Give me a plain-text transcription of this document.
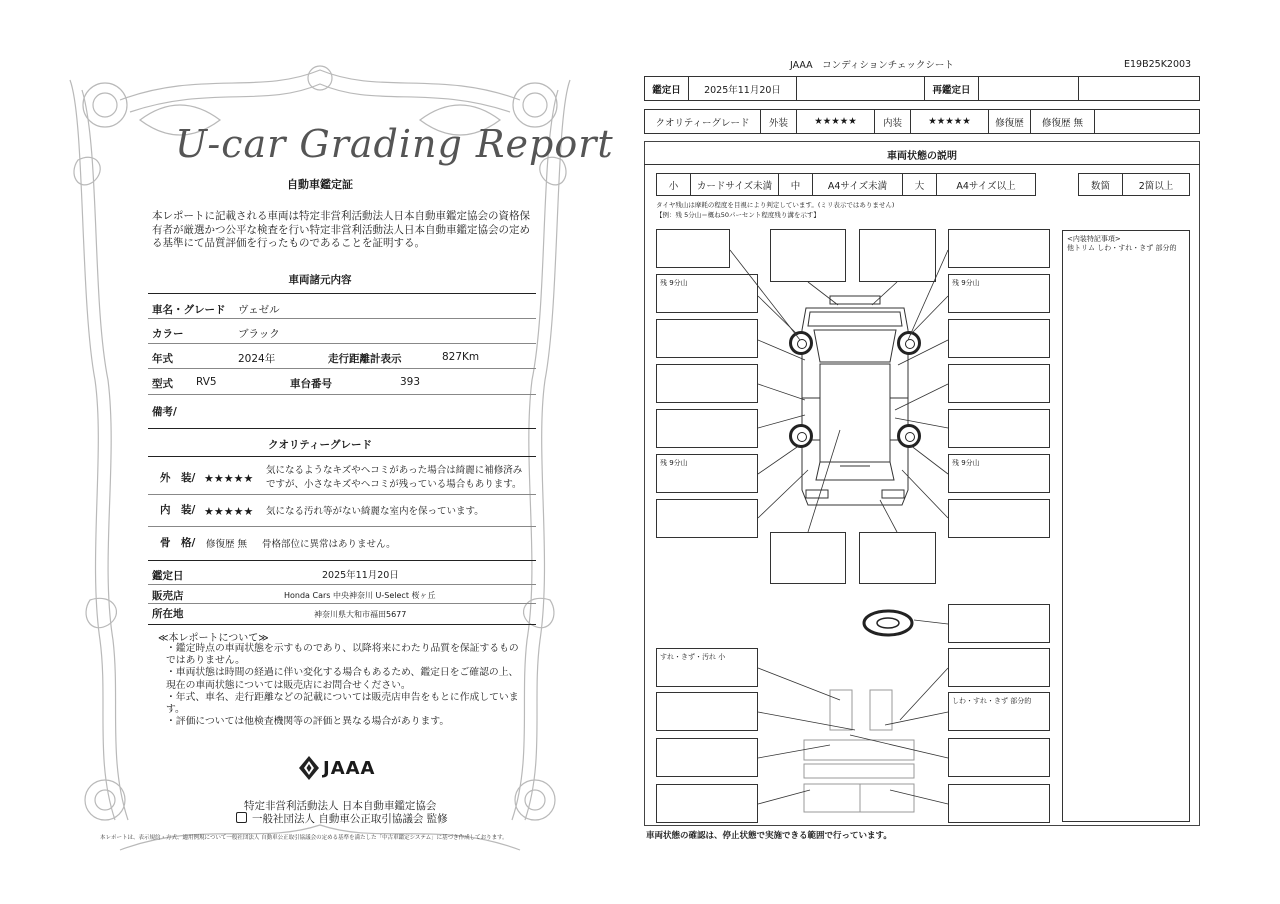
U-car Grading Report
自動車鑑定証
本レポートに記載される車両は特定非営利活動法人日本自動車鑑定協会の資格保有者が厳選かつ公平な検査を行い特定非営利活動法人日本自動車鑑定協会の定める基準にて品質評価を行ったものであることを証明する。
車両諸元内容
車名・グレード ヴェゼル
カラー	ブラック
年式	2024年	走行距離計表示	827Km
型式 RV5	車台番号	393
備考/
クオリティーグレード
外　装/ ★★★★★
気になるようなキズやヘコミがあった場合は綺麗に補修済み
ですが、小さなキズやヘコミが残っている場合もあります。
内　装/ ★★★★★ 気になる汚れ等がない綺麗な室内を保っています。
骨　格/ 修復歴 無 骨格部位に異常はありません。
鑑定日	2025年11月20日
販売店	Honda Cars 中央神奈川 U-Select 桜ヶ丘
所在地	神奈川県大和市福田5677
≪本レポートについて≫
・鑑定時点の車両状態を示すものであり、以降将来にわたり品質を保証するものではありません。
・車両状態は時間の経過に伴い変化する場合もあるため、鑑定日をご確認の上、現在の車両状態については販売店にお問合せください。
・年式、車名、走行距離などの記載については販売店申告をもとに作成しています。
・評価については他検査機関等の評価と異なる場合があります。
JAAA
特定非営利活動法人 日本自動車鑑定協会
一般社団法人 自動車公正取引協議会 監修
本レポートは、表示規約・方式、適用例規について一般社団法人 自動車公正取引協議会の定める基準を満たした「中古車鑑定システム」に基づき作成しております。
JAAA　コンディションチェックシート	E19B25K2003
鑑定日	2025年11月20日	再鑑定日
クオリティーグレード	外装	★★★★★	内装	★★★★★	修復歴	修復歴 無
車両状態の説明
小	カードサイズ未満	中	A4サイズ未満	大	A4サイズ以上	数箇	2箇以上
タイヤ残山は摩耗の程度を目視により判定しています。(ミリ表示ではありません)
【例：残 5分山＝概ね50パーセント程度残り溝を示す】
<内装特記事項>
他トリム しわ・すれ・きず 部分的
残 9分山	残 9分山
残 9分山	残 9分山
すれ・きず・汚れ 小
しわ・すれ・きず 部分的
車両状態の確認は、停止状態で実施できる範囲で行っています。
